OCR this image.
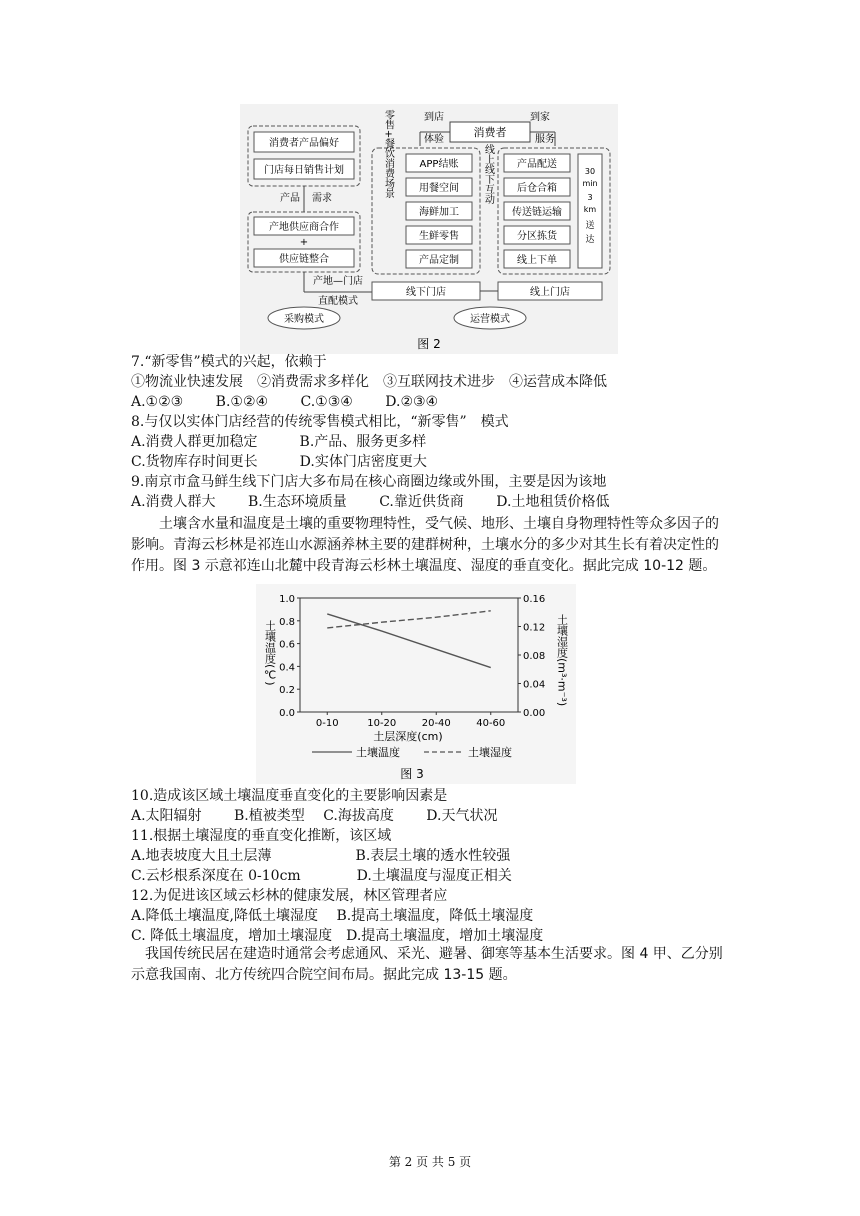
消费者
到店
体验
到家
服务
消费者产品偏好
门店每日销售计划
产品 需求
产地供应商合作
+
供应链整合
产地—门店
直配模式
零售+餐饮消费场景	APP结账
用餐空间
海鲜加工
生鲜零售
产品定制
线上线下互动 产品配送
后仓合箱
传送链运输
分区拣货
线上下单
30
min
3
km
送
达
线下门店	线上门店
采购模式	运营模式
图 2
7.“新零售”模式的兴起，依赖于
①物流业快速发展　②消费需求多样化　③互联网技术进步　④运营成本降低
A.①②③　　 B.①②④　　 C.①③④　　 D.②③④
8.与仅以实体门店经营的传统零售模式相比，“新零售”　模式
A.消费人群更加稳定　　　B.产品、服务更多样
C.货物库存时间更长　　　D.实体门店密度更大
9.南京市盒马鲜生线下门店大多布局在核心商圈边缘或外围，主要是因为该地
A.消费人群大　　 B.生态环境质量　　 C.靠近供货商　　 D.土地租赁价格低
　　土壤含水量和温度是土壤的重要物理特性，受气候、地形、土壤自身物理特性等众多因子的影响。青海云杉林是祁连山水源涵养林主要的建群树种，土壤水分的多少对其生长有着决定性的作用。图 3 示意祁连山北麓中段青海云杉林土壤温度、湿度的垂直变化。据此完成 10-12 题。
0.0
0.2
0.4
0.6
0.8
1.0
0.00
0.04
0.08
0.12
0.16
0-10	10-20	20-40	40-60
土壤温度(℃)	土壤湿度(m³·m⁻³)
土层深度(cm)
土壤温度	土壤湿度
图 3
10.造成该区域土壤温度垂直变化的主要影响因素是
A.太阳辐射　　 B.植被类型　 C.海拔高度　　 D.天气状况
11.根据土壤湿度的垂直变化推断，该区域
A.地表坡度大且土层薄　　　　　　B.表层土壤的透水性较强
C.云杉根系深度在 0-10cm　　　　D.土壤温度与湿度正相关
12.为促进该区域云杉林的健康发展，林区管理者应
A.降低土壤温度,降低土壤湿度　 B.提高土壤温度，降低土壤湿度
C. 降低土壤温度，增加土壤湿度　D.提高土壤温度，增加土壤湿度
　我国传统民居在建造时通常会考虑通风、采光、避暑、御寒等基本生活要求。图 4 甲、乙分别示意我国南、北方传统四合院空间布局。据此完成 13-15 题。
第 2 页 共 5 页
